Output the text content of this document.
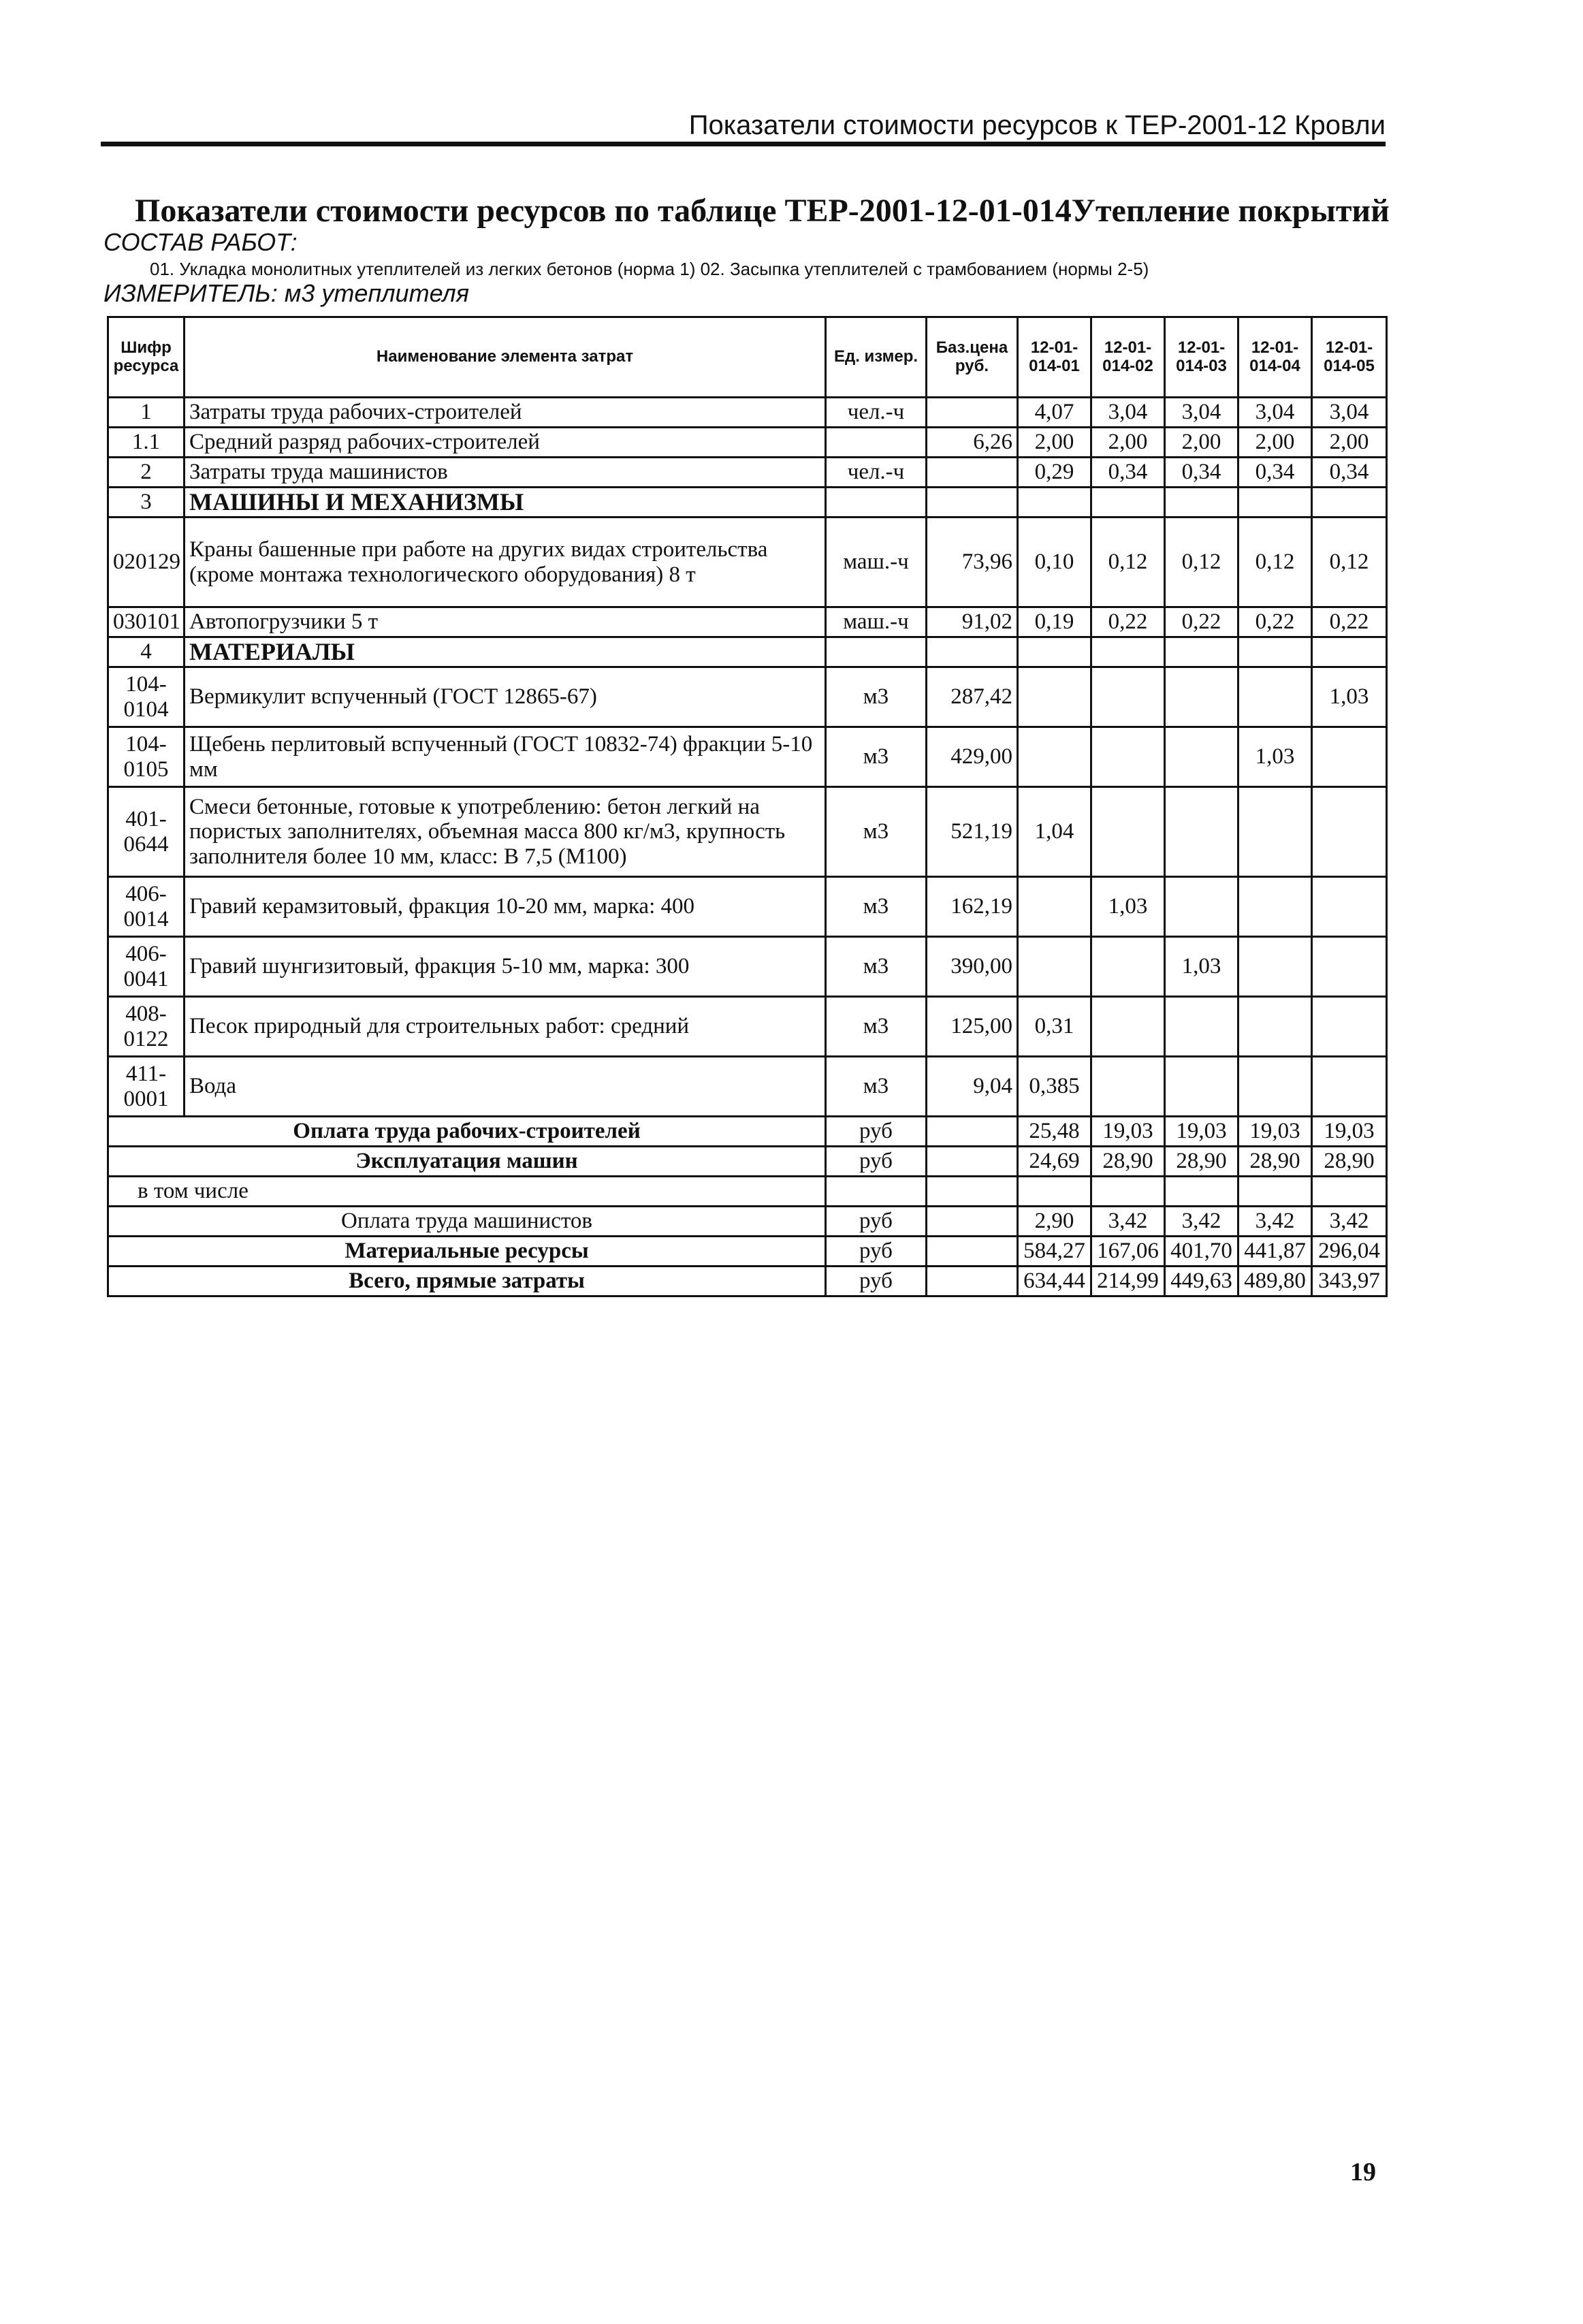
Показатели стоимости ресурсов к ТЕР-2001-12 Кровли
Показатели стоимости ресурсов по таблице ТЕР-2001-12-01-014 Утепление покрытий
СОСТАВ РАБОТ:
01. Укладка монолитных утеплителей из легких бетонов (норма 1) 02. Засыпка утеплителей с трамбованием (нормы 2-5)
ИЗМЕРИТЕЛЬ: м3 утеплителя
Шифр ресурса	Наименование элемента затрат	Ед. измер.	Баз.цена руб.	12-01-014-01	12-01-014-02	12-01-014-03	12-01-014-04	12-01-014-05
1	Затраты труда рабочих-строителей	чел.-ч		4,07	3,04	3,04	3,04	3,04
1.1	Средний разряд рабочих-строителей		6,26	2,00	2,00	2,00	2,00	2,00
2	Затраты труда машинистов	чел.-ч		0,29	0,34	0,34	0,34	0,34
3	МАШИНЫ И МЕХАНИЗМЫ							
020129	Краны башенные при работе на других видах строительства (кроме монтажа технологического оборудования) 8 т	маш.-ч	73,96	0,10	0,12	0,12	0,12	0,12
030101	Автопогрузчики 5 т	маш.-ч	91,02	0,19	0,22	0,22	0,22	0,22
4	МАТЕРИАЛЫ							
104-0104	Вермикулит вспученный (ГОСТ 12865-67)	м3	287,42					1,03
104-0105	Щебень перлитовый вспученный (ГОСТ 10832-74) фракции 5-10 мм	м3	429,00				1,03	
401-0644	Смеси бетонные, готовые к употреблению: бетон легкий на пористых заполнителях, объемная масса 800 кг/м3, крупность заполнителя более 10 мм, класс: В 7,5 (М100)	м3	521,19	1,04				
406-0014	Гравий керамзитовый, фракция 10-20 мм, марка: 400	м3	162,19		1,03			
406-0041	Гравий шунгизитовый, фракция 5-10 мм, марка: 300	м3	390,00			1,03		
408-0122	Песок природный для строительных работ: средний	м3	125,00	0,31				
411-0001	Вода	м3	9,04	0,385				
Оплата труда рабочих-строителей		руб		25,48	19,03	19,03	19,03	19,03
Эксплуатация машин		руб		24,69	28,90	28,90	28,90	28,90
в том числе								
Оплата труда машинистов		руб		2,90	3,42	3,42	3,42	3,42
Материальные ресурсы		руб		584,27	167,06	401,70	441,87	296,04
Всего, прямые затраты		руб		634,44	214,99	449,63	489,80	343,97
19
